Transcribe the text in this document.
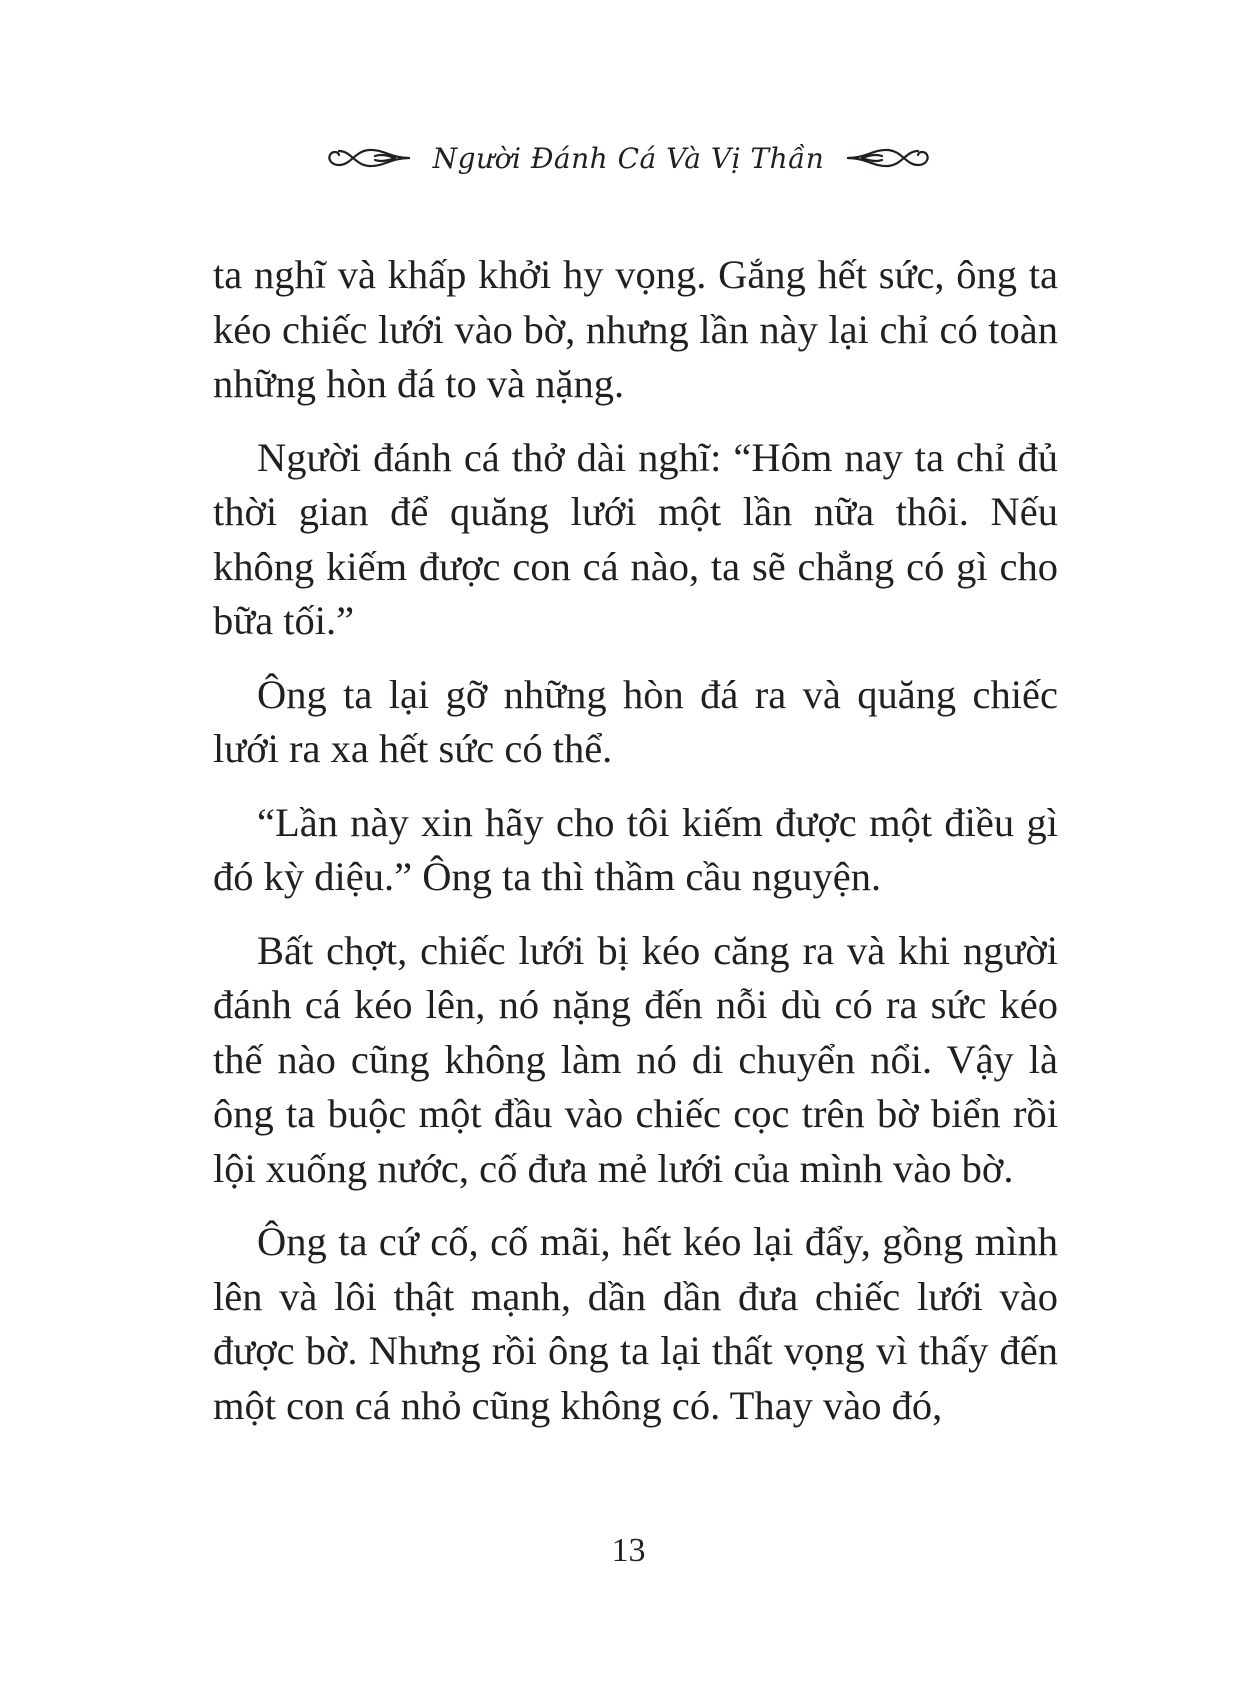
Người Đánh Cá Và Vị Thần

ta nghĩ và khấp khởi hy vọng. Gắng hết sức, ông ta kéo chiếc lưới vào bờ, nhưng lần này lại chỉ có toàn những hòn đá to và nặng.

Người đánh cá thở dài nghĩ: “Hôm nay ta chỉ đủ thời gian để quăng lưới một lần nữa thôi. Nếu không kiếm được con cá nào, ta sẽ chẳng có gì cho bữa tối.”

Ông ta lại gỡ những hòn đá ra và quăng chiếc lưới ra xa hết sức có thể.

“Lần này xin hãy cho tôi kiếm được một điều gì đó kỳ diệu.” Ông ta thì thầm cầu nguyện.

Bất chợt, chiếc lưới bị kéo căng ra và khi người đánh cá kéo lên, nó nặng đến nỗi dù có ra sức kéo thế nào cũng không làm nó di chuyển nổi. Vậy là ông ta buộc một đầu vào chiếc cọc trên bờ biển rồi lội xuống nước, cố đưa mẻ lưới của mình vào bờ.

Ông ta cứ cố, cố mãi, hết kéo lại đẩy, gồng mình lên và lôi thật mạnh, dần dần đưa chiếc lưới vào được bờ. Nhưng rồi ông ta lại thất vọng vì thấy đến một con cá nhỏ cũng không có. Thay vào đó,

13
